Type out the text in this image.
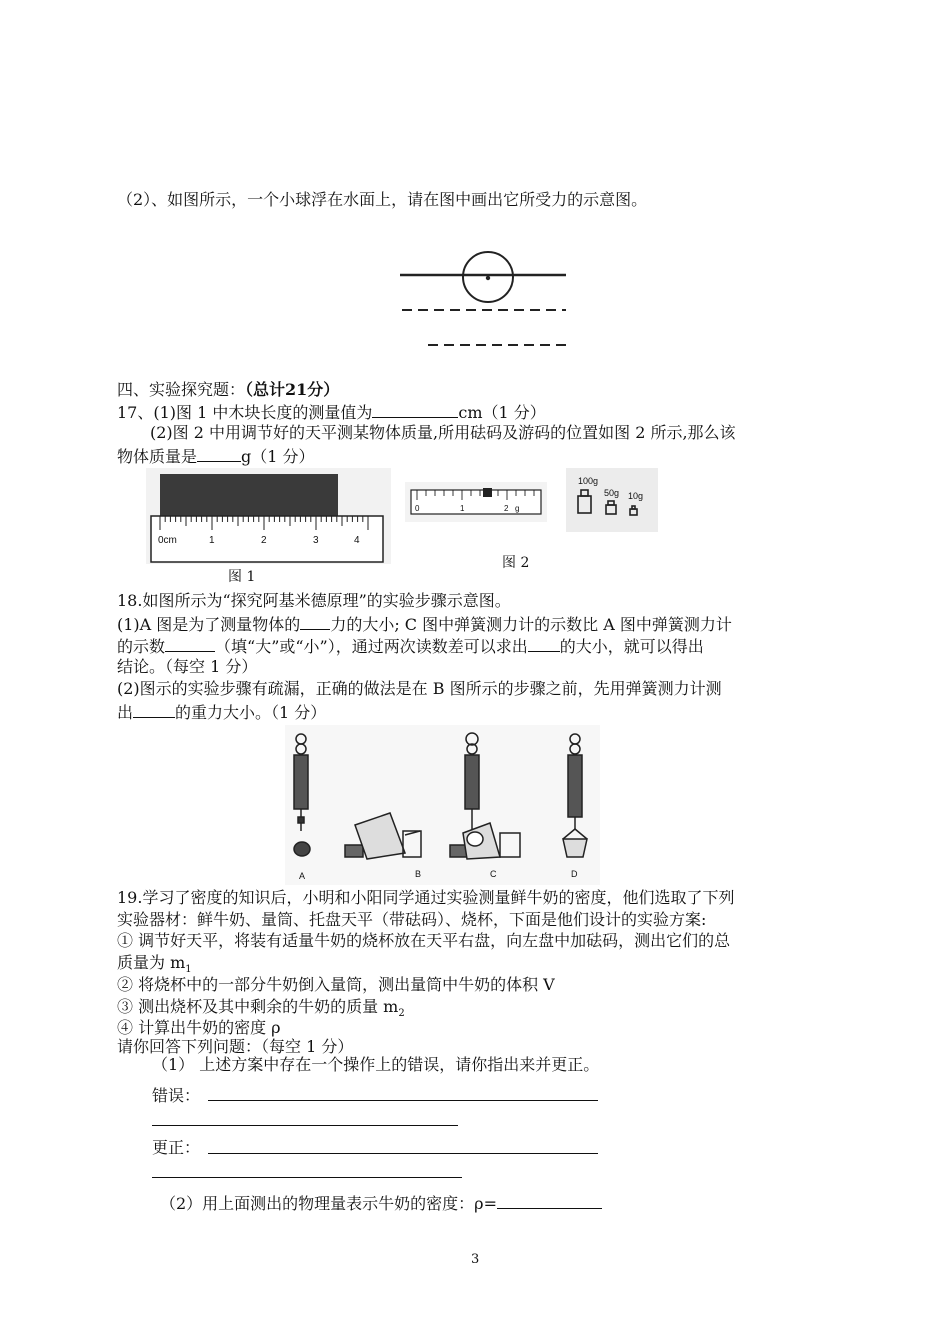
（2）、如图所示，一个小球浮在水面上，请在图中画出它所受力的示意图。
四、实验探究题：（总计21分）
17、(1)图 1 中木块长度的测量值为	cm（1 分）
(2)图 2 中用调节好的天平测某物体质量,所用砝码及游码的位置如图 2 所示,那么该
物体质量是	g（1 分）
0cm	1	2	3	4
图 1
0	1	2 g
100g
50g 10g
图 2
18.如图所示为“探究阿基米德原理”的实验步骤示意图。
(1)A 图是为了测量物体的 力的大小; C 图中弹簧测力计的示数比 A 图中弹簧测力计
的示数	（填“大”或“小”），通过两次读数差可以求出 的大小，就可以得出
结论。（每空 1 分）
(2)图示的实验步骤有疏漏，正确的做法是在 B 图所示的步骤之前，先用弹簧测力计测
出	的重力大小。（1 分）
A	B	C	D
19.学习了密度的知识后，小明和小阳同学通过实验测量鲜牛奶的密度，他们选取了下列
实验器材：鲜牛奶、量筒、托盘天平（带砝码）、烧杯，下面是他们设计的实验方案:
① 调节好天平，将装有适量牛奶的烧杯放在天平右盘，向左盘中加砝码，测出它们的总
质量为 $m_1$
② 将烧杯中的一部分牛奶倒入量筒，测出量筒中牛奶的体积 V
③ 测出烧杯及其中剩余的牛奶的质量 $m_2$
④ 计算出牛奶的密度 ρ
请你回答下列问题：（每空 1 分）
（1） 上述方案中存在一个操作上的错误，请你指出来并更正。
错误：
更正：
（2）用上面测出的物理量表示牛奶的密度：ρ=
3
